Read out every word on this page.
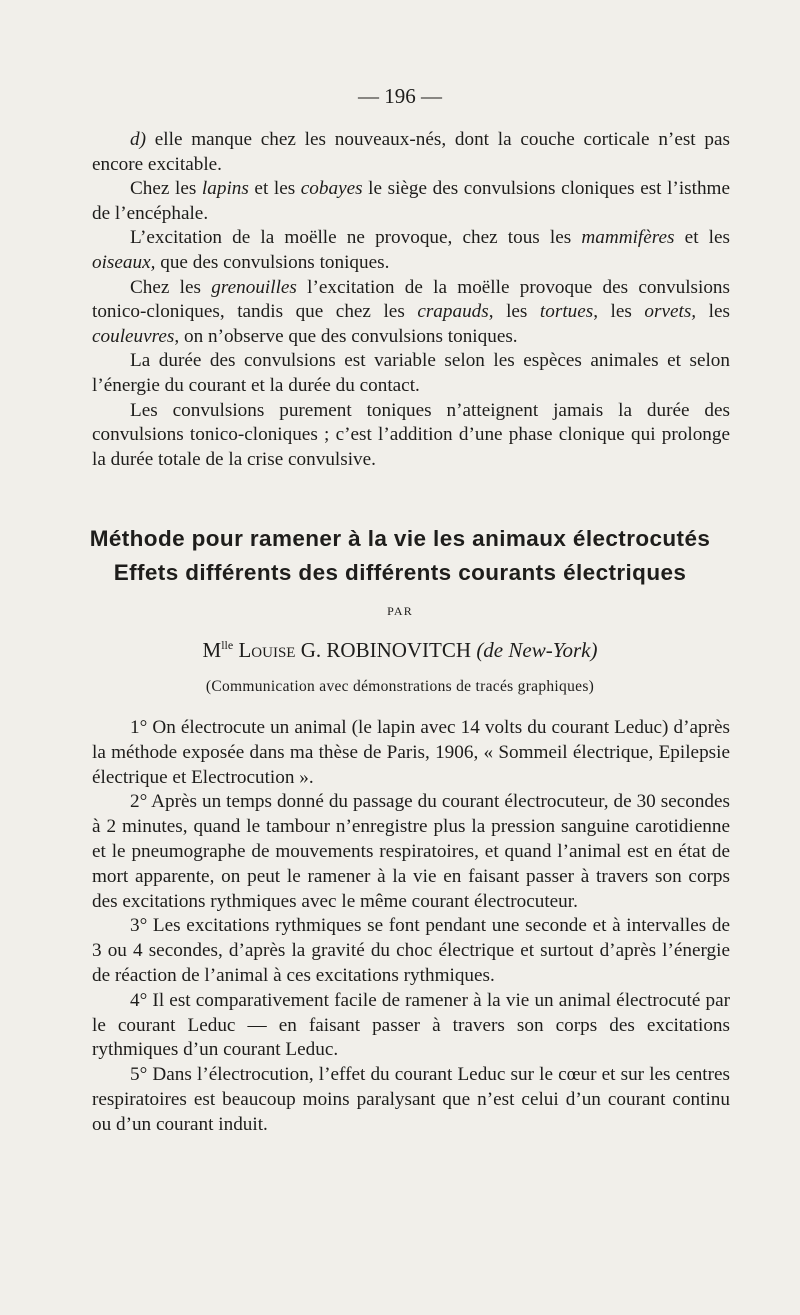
— 196 —

d) elle manque chez les nouveaux-nés, dont la couche corticale n’est pas encore excitable.

Chez les lapins et les cobayes le siège des convulsions cloniques est l’isthme de l’encéphale.

L’excitation de la moëlle ne provoque, chez tous les mammifères et les oiseaux, que des convulsions toniques.

Chez les grenouilles l’excitation de la moëlle provoque des convulsions tonico-cloniques, tandis que chez les crapauds, les tortues, les orvets, les couleuvres, on n’observe que des convulsions toniques.

La durée des convulsions est variable selon les espèces animales et selon l’énergie du courant et la durée du contact.

Les convulsions purement toniques n’atteignent jamais la durée des convulsions tonico-cloniques ; c’est l’addition d’une phase clonique qui prolonge la durée totale de la crise convulsive.

Méthode pour ramener à la vie les animaux électrocutés
Effets différents des différents courants électriques
PAR
$M^{lle}$ Louise G. ROBINOVITCH (de New-York)
(Communication avec démonstrations de tracés graphiques)

1° On électrocute un animal (le lapin avec 14 volts du courant Leduc) d’après la méthode exposée dans ma thèse de Paris, 1906, « Sommeil électrique, Epilepsie électrique et Electrocution ».

2° Après un temps donné du passage du courant électrocuteur, de 30 secondes à 2 minutes, quand le tambour n’enregistre plus la pression sanguine carotidienne et le pneumographe de mouvements respiratoires, et quand l’animal est en état de mort apparente, on peut le ramener à la vie en faisant passer à travers son corps des excitations rythmiques avec le même courant électrocuteur.

3° Les excitations rythmiques se font pendant une seconde et à intervalles de 3 ou 4 secondes, d’après la gravité du choc électrique et surtout d’après l’énergie de réaction de l’animal à ces excitations rythmiques.

4° Il est comparativement facile de ramener à la vie un animal électrocuté par le courant Leduc — en faisant passer à travers son corps des excitations rythmiques d’un courant Leduc.

5° Dans l’électrocution, l’effet du courant Leduc sur le cœur et sur les centres respiratoires est beaucoup moins paralysant que n’est celui d’un courant continu ou d’un courant induit.
